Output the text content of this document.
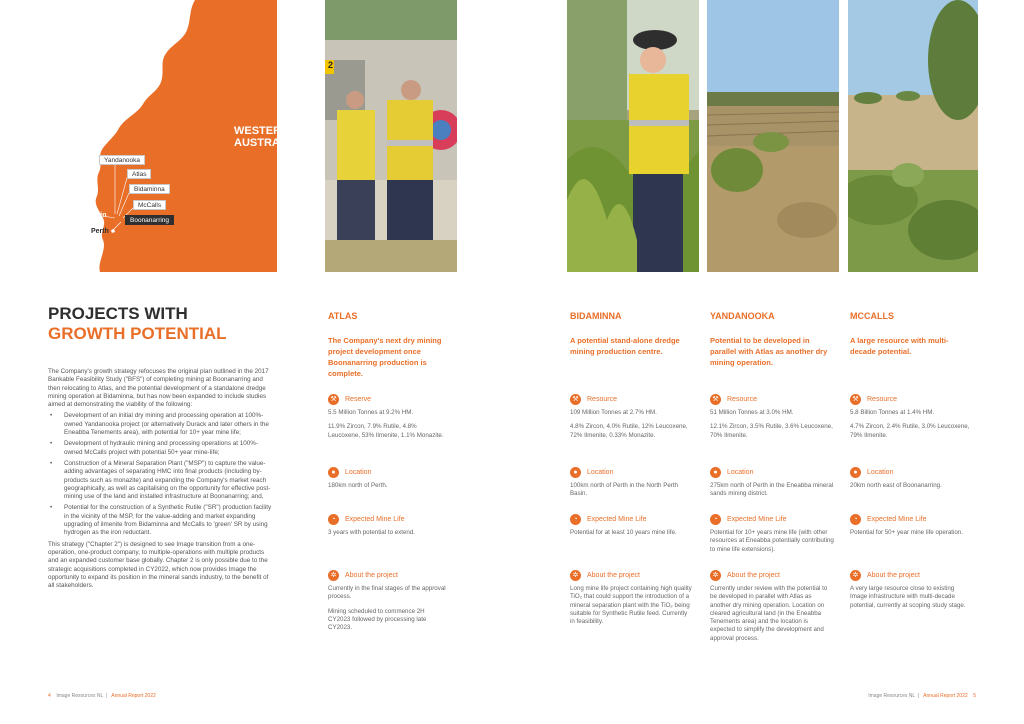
WESTERN
AUSTRALIA
Yandanooka
Atlas
Bidaminna
McCalls
Boonanarring
North Perth Basin
Perth
2
PROJECTS WITH
GROWTH POTENTIAL

The Company's growth strategy refocuses the original plan outlined in the 2017 Bankable Feasibility Study ("BFS") of completing mining at Boonanarring and then relocating to Atlas, and the potential development of a standalone dredge mining operation at Bidaminna, but has now been expanded to include studies aimed at demonstrating the viability of the following:

• Development of an initial dry mining and processing operation at 100%-owned Yandanooka project (or alternatively Durack and later others in the Eneabba Tenements area), with potential for 10+ year mine life;
• Development of hydraulic mining and processing operations at 100%-owned McCalls project with potential 50+ year mine-life;
• Construction of a Mineral Separation Plant ("MSP") to capture the value-adding advantages of separating HMC into final products (including by-products such as monazite) and expanding the Company's market reach geographically, as well as capitalising on the opportunity for effective post-mining use of the land and installed infrastructure at Boonanarring; and,
• Potential for the construction of a Synthetic Rutile ("SR") production facility in the vicinity of the MSP, for the value-adding and market expanding upgrading of ilmenite from Bidaminna and McCalls to 'green' SR by using hydrogen as the iron reductant.

This strategy ("Chapter 2") is designed to see Image transition from a one-operation, one-product company, to multiple-operations with multiple products and an expanded customer base globally. Chapter 2 is only possible due to the strategic acquisitions completed in CY2022, which now provides Image the opportunity to expand its position in the mineral sands industry, to the benefit of all stakeholders.

ATLAS
The Company's next dry mining project development once Boonanarring production is complete.
⚒	Reserve
5.5 Million Tonnes at 9.2% HM.
11.9% Zircon, 7.9% Rutile, 4.8% Leucoxene, 53% Ilmenite, 1.1% Monazite.
●	Location
180km north of Perth.
◔	Expected Mine Life
3 years with potential to extend.
✲	About the project
Currently in the final stages of the approval process.
Mining scheduled to commence 2H CY2023 followed by processing late CY2023.
BIDAMINNA
A potential stand-alone dredge mining production centre.
⚒	Resource
109 Million Tonnes at 2.7% HM.
4.8% Zircon, 4.0% Rutile, 12% Leucoxene, 72% Ilmenite, 0.33% Monazite.
●	Location
100km north of Perth in the North Perth Basin.
◔	Expected Mine Life
Potential for at least 10 years mine life.
✲	About the project
Long mine life project containing high quality TiO₂ that could support the introduction of a mineral separation plant with the TiO₂ being suitable for Synthetic Rutile feed. Currently in feasibility.
YANDANOOKA
Potential to be developed in parallel with Atlas as another dry mining operation.
⚒	Resource
51 Million Tonnes at 3.0% HM.
12.1% Zircon, 3.5% Rutile, 3.6% Leucoxene, 70% Ilmenite.
●	Location
275km north of Perth in the Eneabba mineral sands mining district.
◔	Expected Mine Life
Potential for 10+ years mine life (with other resources at Eneabba potentially contributing to mine life extensions).
✲	About the project
Currently under review with the potential to be developed in parallel with Atlas as another dry mining operation. Location on cleared agricultural land (in the Eneabba Tenements area) and the location is expected to simplify the development and approval process.
MCCALLS
A large resource with multi-decade potential.
⚒	Resource
5.8 Billion Tonnes at 1.4% HM.
4.7% Zircon, 2.4% Rutile, 3.0% Leucoxene, 79% Ilmenite.
●	Location
20km north east of Boonanarring.
◔	Expected Mine Life
Potential for 50+ year mine life operation.
✲	About the project
A very large resource close to existing Image infrastructure with multi-decade potential, currently at scoping study stage.
4 Image Resources NL  |   Annual Report 2022	Image Resources NL  |   Annual Report 2022 5
